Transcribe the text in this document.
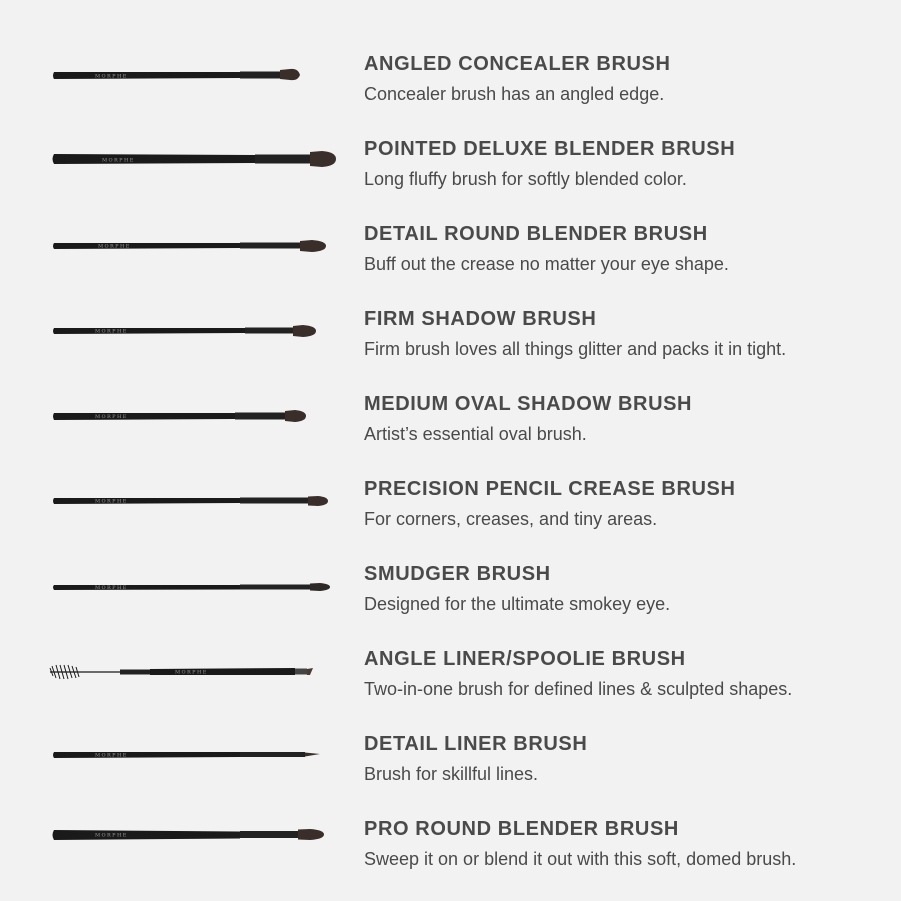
MORPHE
ANGLED CONCEALER BRUSH
Concealer brush has an angled edge.
MORPHE
POINTED DELUXE BLENDER BRUSH
Long fluffy brush for softly blended color.
MORPHE
DETAIL ROUND BLENDER BRUSH
Buff out the crease no matter your eye shape.
MORPHE
FIRM SHADOW BRUSH
Firm brush loves all things glitter and packs it in tight.
MORPHE
MEDIUM OVAL SHADOW BRUSH
Artist’s essential oval brush.
MORPHE
PRECISION PENCIL CREASE BRUSH
For corners, creases, and tiny areas.
MORPHE
SMUDGER BRUSH
Designed for the ultimate smokey eye.
MORPHE
ANGLE LINER/SPOOLIE BRUSH
Two-in-one brush for defined lines & sculpted shapes.
MORPHE
DETAIL LINER BRUSH
Brush for skillful lines.
MORPHE	PRO ROUND BLENDER BRUSH
Sweep it on or blend it out with this soft, domed brush.
